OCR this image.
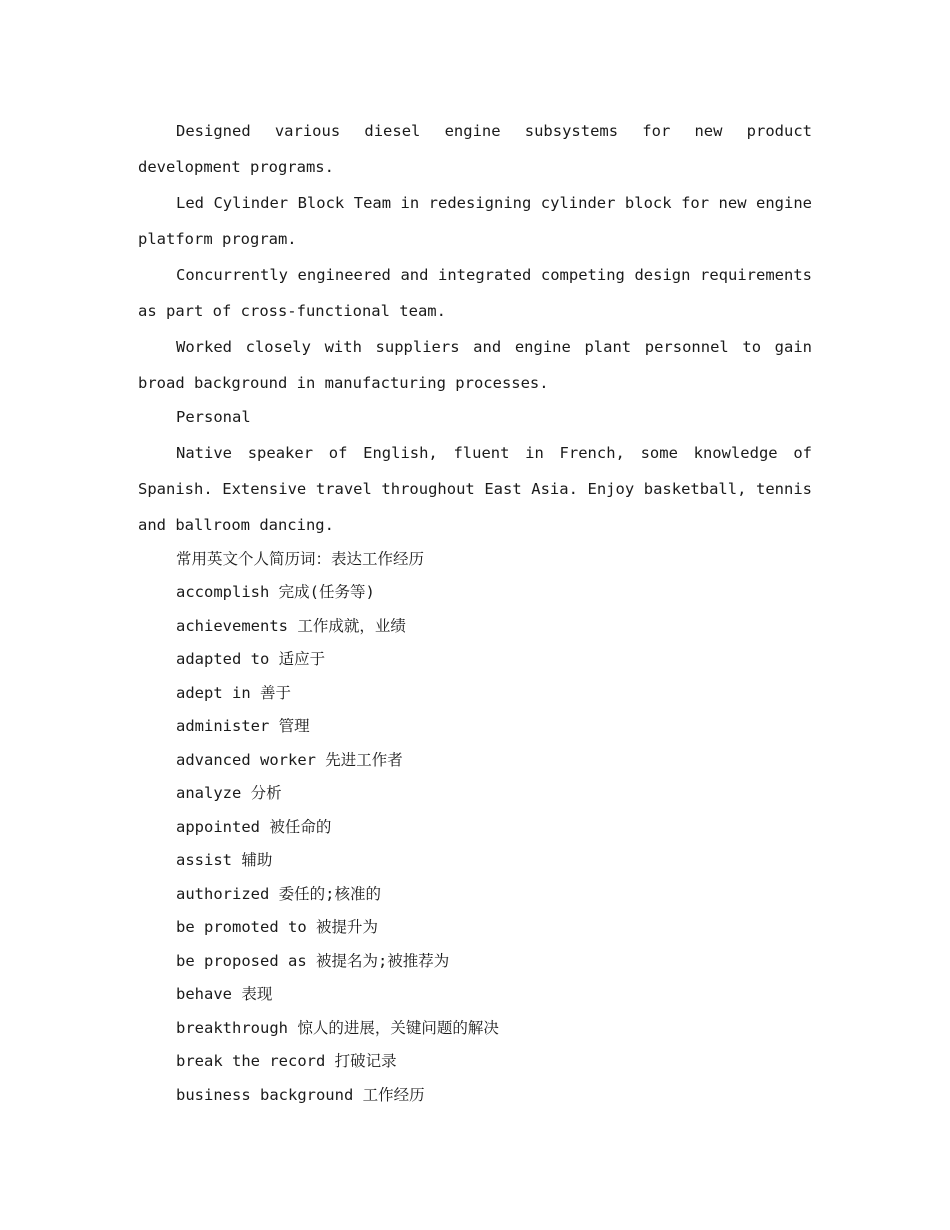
Designed various diesel engine subsystems for new product development programs.

Led Cylinder Block Team in redesigning cylinder block for new engine platform program.

Concurrently engineered and integrated competing design requirements as part of cross-functional team.

Worked closely with suppliers and engine plant personnel to gain broad background in manufacturing processes.

Personal

Native speaker of English, fluent in French, some knowledge of Spanish. Extensive travel throughout East Asia. Enjoy basketball, tennis and ballroom dancing.

常用英文个人简历词：表达工作经历

accomplish 完成(任务等)

achievements 工作成就，业绩

adapted to 适应于

adept in 善于

administer 管理

advanced worker 先进工作者

analyze 分析

appointed 被任命的

assist 辅助

authorized 委任的;核准的

be promoted to 被提升为

be proposed as 被提名为;被推荐为

behave 表现

breakthrough 惊人的进展，关键问题的解决

break the record 打破记录

business background 工作经历
